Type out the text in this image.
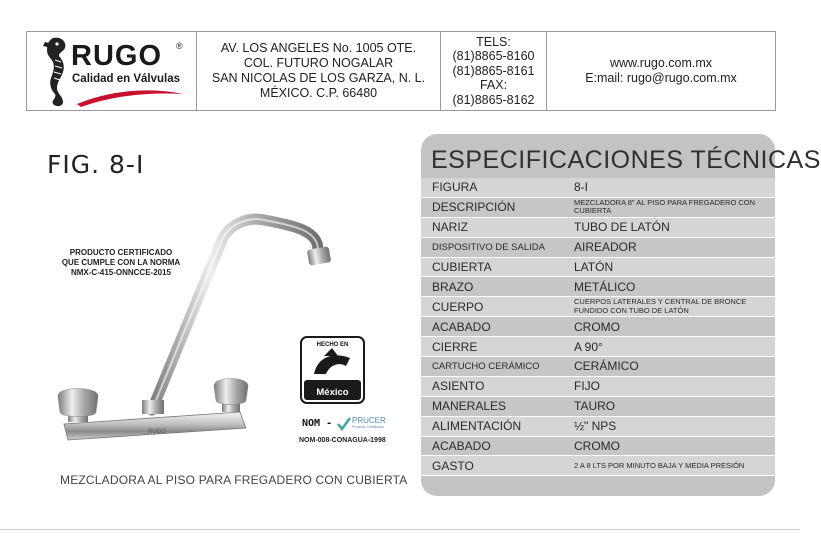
RUGO ®
Calidad en Válvulas
AV. LOS ANGELES No. 1005 OTE.
COL. FUTURO NOGALAR
SAN NICOLAS DE LOS GARZA, N. L.
MÉXICO. C.P. 66480
TELS:
(81)8865-8160
(81)8865-8161
FAX:
(81)8865-8162
www.rugo.com.mx
E:mail: rugo@rugo.com.mx
FIG. 8-I
PRODUCTO CERTIFICADO
QUE CUMPLE CON LA NORMA
NMX-C-415-ONNCCE-2015
RUGO
HECHO EN
México
NOM - PRUCER
Producto Certificado
NOM-008-CONAGUA-1998
MEZCLADORA AL PISO PARA FREGADERO CON CUBIERTA
ESPECIFICACIONES TÉCNICAS
FIGURA	8-I
DESCRIPCIÓN	MEZCLADORA 8" AL PISO PARA FREGADERO CON CUBIERTA
NARIZ	TUBO DE LATÓN
DISPOSITIVO DE SALIDA	AIREADOR
CUBIERTA	LATÓN
BRAZO	METÁLICO
CUERPO	CUERPOS LATERALES Y CENTRAL DE BRONCE FUNDIDO CON TUBO DE LATÓN
ACABADO	CROMO
CIERRE	A 90°
CARTUCHO CERÁMICO	CERÁMICO
ASIENTO	FIJO
MANERALES	TAURO
ALIMENTACIÓN	½" NPS
ACABADO	CROMO
GASTO	2 A 8 LTS POR MINUTO BAJA Y MEDIA PRESIÓN
